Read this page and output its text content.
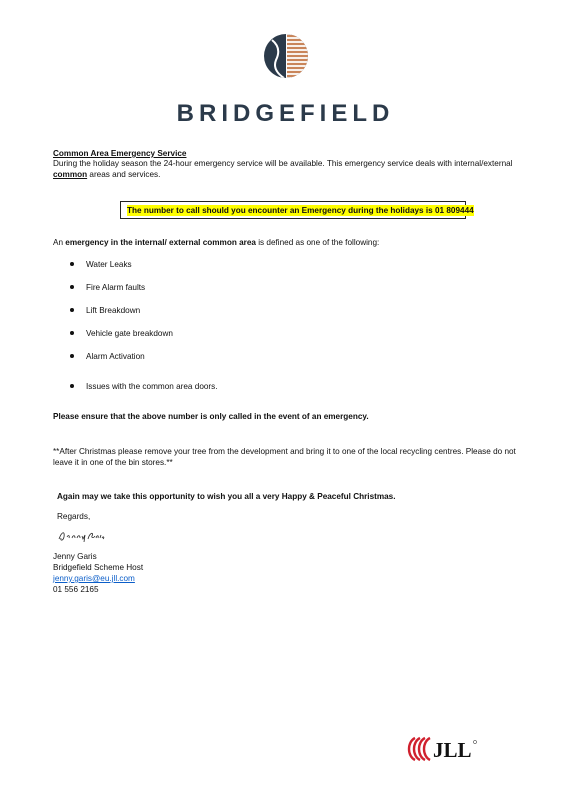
BRIDGEFIELD
Common Area Emergency Service
During the holiday season the 24-hour emergency service will be available. This emergency service deals with internal/external
common areas and services.
The number to call should you encounter an Emergency during the holidays is 01 809444
An emergency in the internal/ external common area is defined as one of the following:
Water Leaks
Fire Alarm faults
Lift Breakdown
Vehicle gate breakdown
Alarm Activation
Issues with the common area doors.
Please ensure that the above number is only called in the event of an emergency.
**After Christmas please remove your tree from the development and bring it to one of the local recycling centres. Please do not leave it in one of the bin stores.**
Again may we take this opportunity to wish you all a very Happy & Peaceful Christmas.
Regards,
Jenny Garis
Bridgefield Scheme Host
jenny.garis@eu.jll.com
01 556 2165
JLL
